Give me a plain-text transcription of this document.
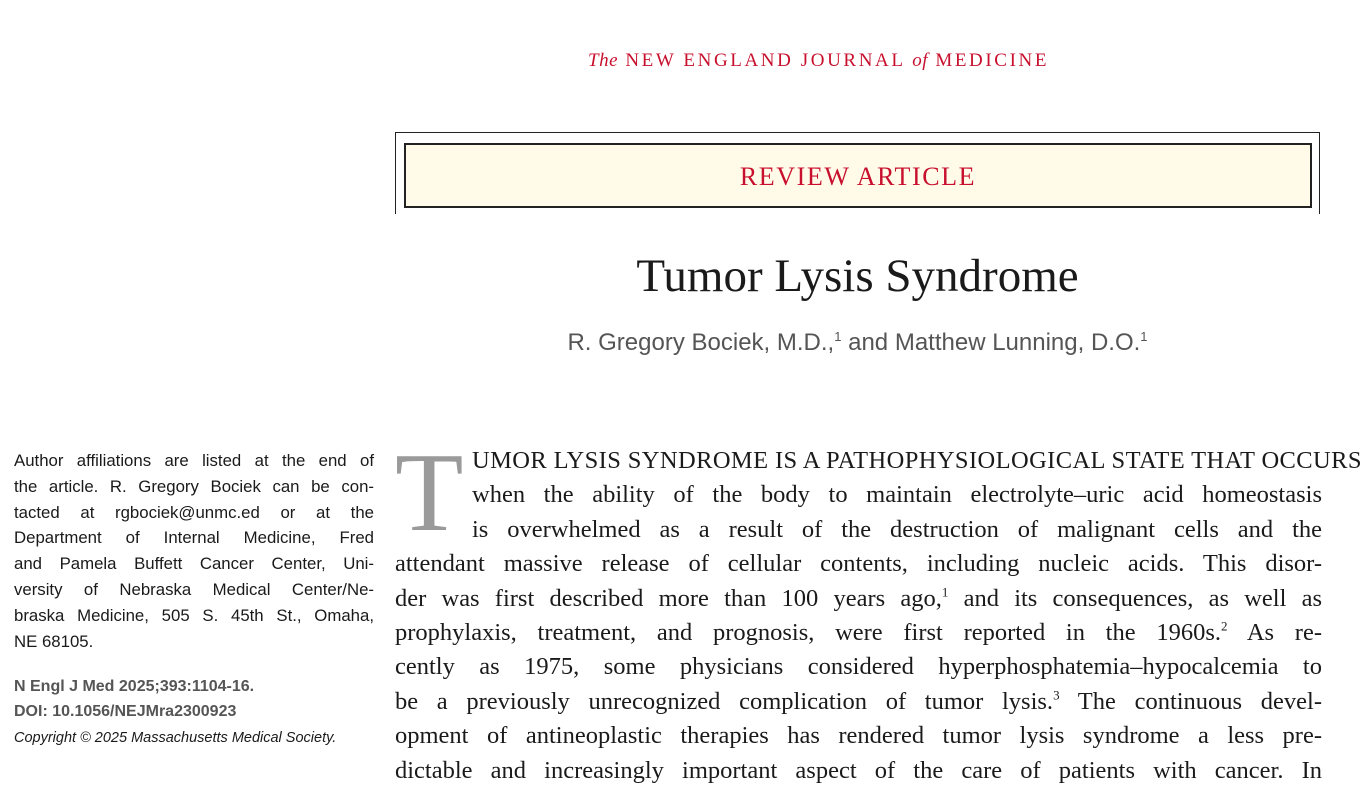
The NEW ENGLAND JOURNAL of MEDICINE
REVIEW ARTICLE
Tumor Lysis Syndrome
R. Gregory Bociek, M.D.,$^1$ and Matthew Lunning, D.O.$^1$
Author affiliations are listed at the end of
the article. R. Gregory Bociek can be con-
tacted at rgbociek@unmc.ed or at the
Department of Internal Medicine, Fred
and Pamela Buffett Cancer Center, Uni-
versity of Nebraska Medical Center/Ne-
braska Medicine, 505 S. 45th St., Omaha,
NE 68105.
N Engl J Med 2025;393:1104-16.
DOI: 10.1056/NEJMra2300923
Copyright © 2025 Massachusetts Medical Society.
T UMOR LYSIS SYNDROME IS A PATHOPHYSIOLOGICAL STATE THAT OCCURS
when the ability of the body to maintain electrolyte–uric acid homeostasis
is overwhelmed as a result of the destruction of malignant cells and the
attendant massive release of cellular contents, including nucleic acids. This disor-
der was first described more than 100 years ago,$^1$ and its consequences, as well as
prophylaxis, treatment, and prognosis, were first reported in the 1960s.$^2$ As re-
cently as 1975, some physicians considered hyperphosphatemia–hypocalcemia to
be a previously unrecognized complication of tumor lysis.$^3$ The continuous devel-
opment of antineoplastic therapies has rendered tumor lysis syndrome a less pre-
dictable and increasingly important aspect of the care of patients with cancer. In
